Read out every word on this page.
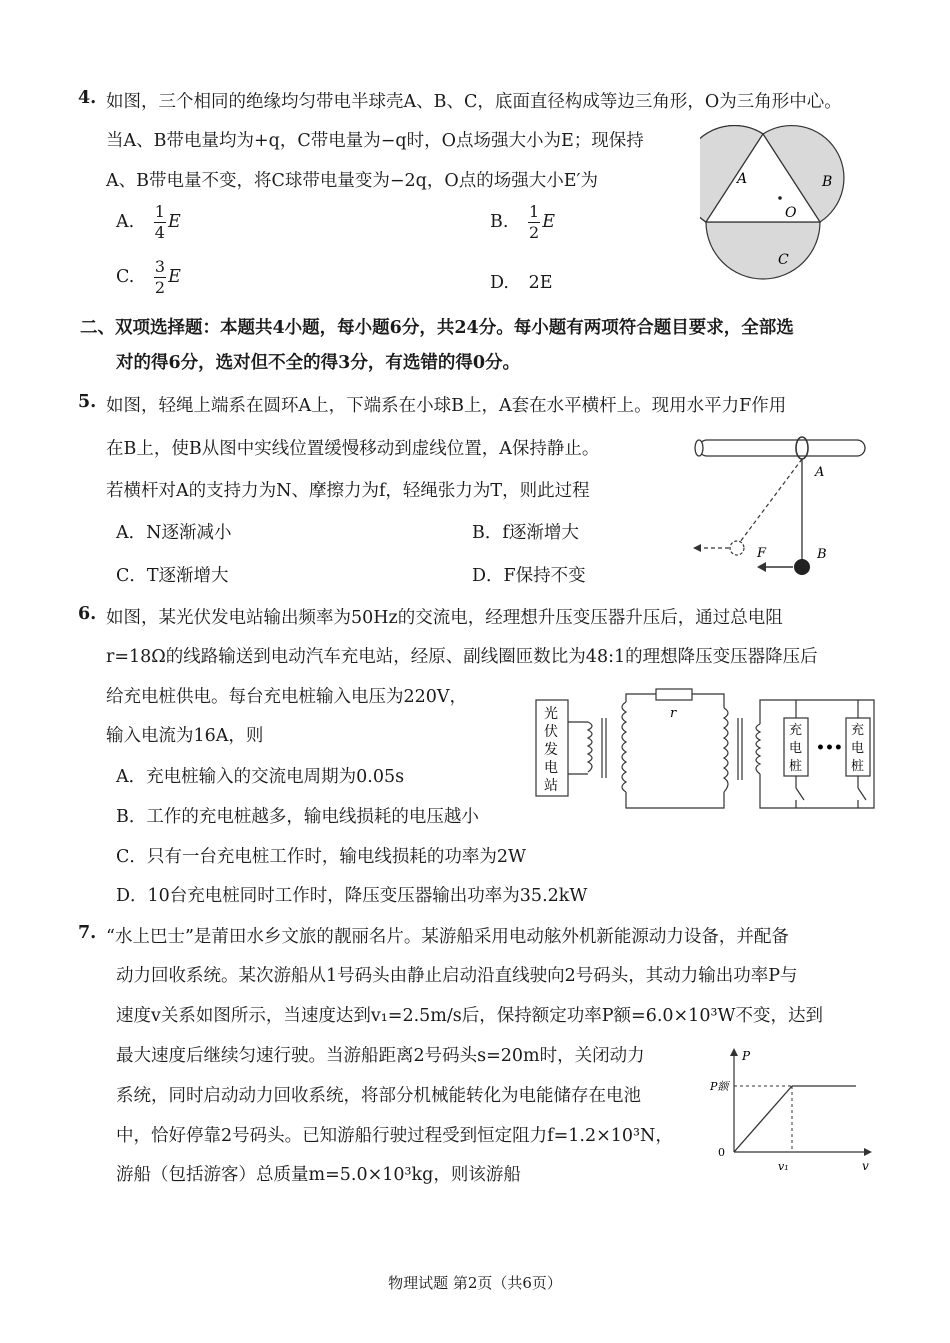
4. 如图，三个相同的绝缘均匀带电半球壳A、B、C，底面直径构成等边三角形，O为三角形中心。
当A、B带电量均为+q，C带电量为−q时，O点场强大小为E；现保持
A、B带电量不变，将C球带电量变为−2q，O点的场强大小E′为
A. $\frac{1}{4}$ E	B. $\frac{1}{2}$ E
C. $\frac{3}{2}$ E	D. 2E
A	B
O
C
二、双项选择题：本题共4小题，每小题6分，共24分。每小题有两项符合题目要求，全部选
对的得6分，选对但不全的得3分，有选错的得0分。
5. 如图，轻绳上端系在圆环A上，下端系在小球B上，A套在水平横杆上。现用水平力F作用
在B上，使B从图中实线位置缓慢移动到虚线位置，A保持静止。
若横杆对A的支持力为N、摩擦力为f，轻绳张力为T，则此过程
A．N逐渐减小	B．f逐渐增大
C．T逐渐增大	D．F保持不变
A
F	B
6. 如图，某光伏发电站输出频率为50Hz的交流电，经理想升压变压器升压后，通过总电阻
r=18Ω的线路输送到电动汽车充电站，经原、副线圈匝数比为48:1的理想降压变压器降压后
给充电桩供电。每台充电桩输入电压为220V，
输入电流为16A，则
A．充电桩输入的交流电周期为0.05s
B．工作的充电桩越多，输电线损耗的电压越小
C．只有一台充电桩工作时，输电线损耗的功率为2W
D．10台充电桩同时工作时，降压变压器输出功率为35.2kW
光 伏 发 电 站
r
充 电 桩
•••
充 电 桩
7. “水上巴士”是莆田水乡文旅的靓丽名片。某游船采用电动舷外机新能源动力设备，并配备
动力回收系统。某次游船从1号码头由静止启动沿直线驶向2号码头，其动力输出功率P与
速度v关系如图所示，当速度达到v₁=2.5m/s后，保持额定功率P额=6.0×10³W不变，达到
最大速度后继续匀速行驶。当游船距离2号码头s=20m时，关闭动力
系统，同时启动动力回收系统，将部分机械能转化为电能储存在电池
中，恰好停靠2号码头。已知游船行驶过程受到恒定阻力f=1.2×10³N，
游船（包括游客）总质量m=5.0×10³kg，则该游船
P
P额
0
v₁	v
物理试题 第2页（共6页）
